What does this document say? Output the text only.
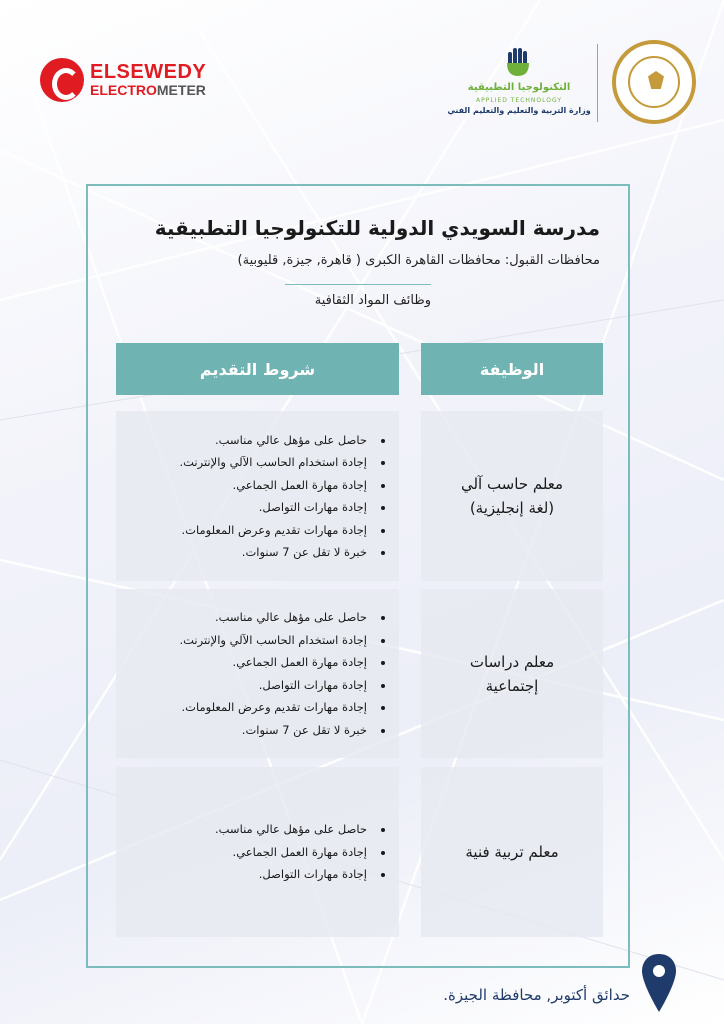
ELSEWEDY
ELECTROMETER	التكنولوجيا التطبيقية
APPLIED TECHNOLOGY
وزارة التربية والتعليم والتعليم الفني
مدرسة السويدي الدولية للتكنولوجيا التطبيقية
محافظات القبول: محافظات القاهرة الكبرى ( قاهرة, جيزة, قليوبية)
وظائف المواد الثقافية
شروط التقديم	الوظيفة
• حاصل على مؤهل عالي مناسب.
• إجادة استخدام الحاسب الآلي والإنترنت.
• إجادة مهارة العمل الجماعي.
• إجادة مهارات التواصل.
• إجادة مهارات تقديم وعرض المعلومات.
• خبرة لا تقل عن 7 سنوات.
معلم حاسب آلي
(لغة إنجليزية)
• حاصل على مؤهل عالي مناسب.
• إجادة استخدام الحاسب الآلي والإنترنت.
• إجادة مهارة العمل الجماعي.
• إجادة مهارات التواصل.
• إجادة مهارات تقديم وعرض المعلومات.
• خبرة لا تقل عن 7 سنوات.
معلم دراسات
إجتماعية
• حاصل على مؤهل عالي مناسب.
• إجادة مهارة العمل الجماعي.
• إجادة مهارات التواصل.
معلم تربية فنية
حدائق أكتوبر, محافظة الجيزة.
